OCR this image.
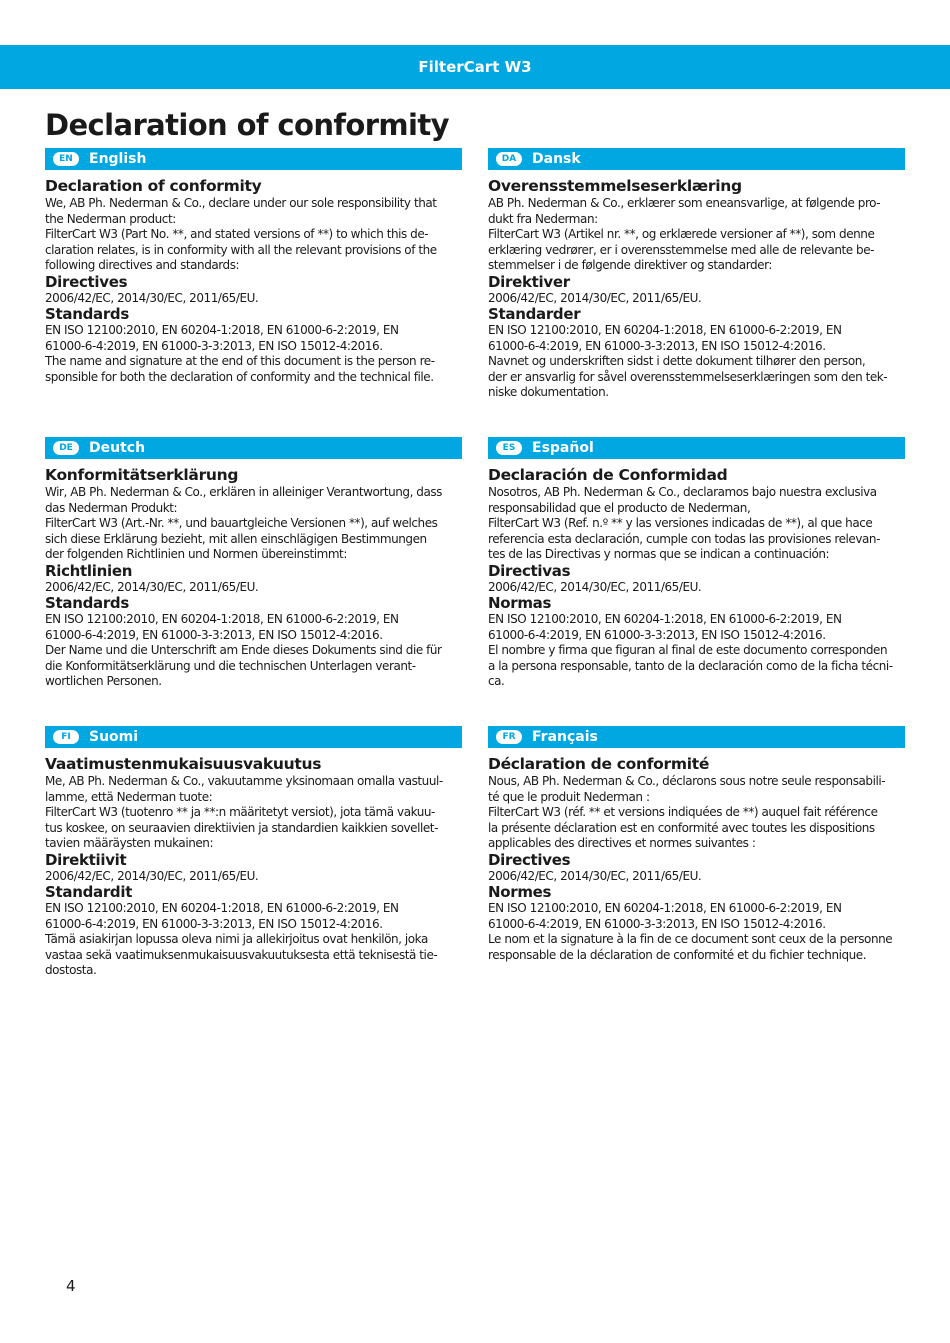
FilterCart W3
Declaration of conformity
EN	English
Declaration of conformity
We, AB Ph. Nederman & Co., declare under our sole responsibility that
the Nederman product:
FilterCart W3 (Part No. **, and stated versions of **) to which this de-
claration relates, is in conformity with all the relevant provisions of the
following directives and standards:
Directives
2006/42/EC, 2014/30/EC, 2011/65/EU.
Standards
EN ISO 12100:2010, EN 60204-1:2018, EN 61000-6-2:2019, EN
61000-6-4:2019, EN 61000-3-3:2013, EN ISO 15012-4:2016.
The name and signature at the end of this document is the person re-
sponsible for both the declaration of conformity and the technical file.
DA	Dansk
Overensstemmelseserklæring
AB Ph. Nederman & Co., erklærer som eneansvarlige, at følgende pro-
dukt fra Nederman:
FilterCart W3 (Artikel nr. **, og erklærede versioner af **), som denne
erklæring vedrører, er i overensstemmelse med alle de relevante be-
stemmelser i de følgende direktiver og standarder:
Direktiver
2006/42/EC, 2014/30/EC, 2011/65/EU.
Standarder
EN ISO 12100:2010, EN 60204-1:2018, EN 61000-6-2:2019, EN
61000-6-4:2019, EN 61000-3-3:2013, EN ISO 15012-4:2016.
Navnet og underskriften sidst i dette dokument tilhører den person,
der er ansvarlig for såvel overensstemmelseserklæringen som den tek-
niske dokumentation.
DE	Deutch
Konformitätserklärung
Wir, AB Ph. Nederman & Co., erklären in alleiniger Verantwortung, dass
das Nederman Produkt:
FilterCart W3 (Art.-Nr. **, und bauartgleiche Versionen **), auf welches
sich diese Erklärung bezieht, mit allen einschlägigen Bestimmungen
der folgenden Richtlinien und Normen übereinstimmt:
Richtlinien
2006/42/EC, 2014/30/EC, 2011/65/EU.
Standards
EN ISO 12100:2010, EN 60204-1:2018, EN 61000-6-2:2019, EN
61000-6-4:2019, EN 61000-3-3:2013, EN ISO 15012-4:2016.
Der Name und die Unterschrift am Ende dieses Dokuments sind die für
die Konformitätserklärung und die technischen Unterlagen verant-
wortlichen Personen.
ES	Español
Declaración de Conformidad
Nosotros, AB Ph. Nederman & Co., declaramos bajo nuestra exclusiva
responsabilidad que el producto de Nederman,
FilterCart W3 (Ref. n.º ** y las versiones indicadas de **), al que hace
referencia esta declaración, cumple con todas las provisiones relevan-
tes de las Directivas y normas que se indican a continuación:
Directivas
2006/42/EC, 2014/30/EC, 2011/65/EU.
Normas
EN ISO 12100:2010, EN 60204-1:2018, EN 61000-6-2:2019, EN
61000-6-4:2019, EN 61000-3-3:2013, EN ISO 15012-4:2016.
El nombre y firma que figuran al final de este documento corresponden
a la persona responsable, tanto de la declaración como de la ficha técni-
ca.
FI	Suomi
Vaatimustenmukaisuusvakuutus
Me, AB Ph. Nederman & Co., vakuutamme yksinomaan omalla vastuul-
lamme, että Nederman tuote:
FilterCart W3 (tuotenro ** ja **:n määritetyt versiot), jota tämä vakuu-
tus koskee, on seuraavien direktiivien ja standardien kaikkien sovellet-
tavien määräysten mukainen:
Direktiivit
2006/42/EC, 2014/30/EC, 2011/65/EU.
Standardit
EN ISO 12100:2010, EN 60204-1:2018, EN 61000-6-2:2019, EN
61000-6-4:2019, EN 61000-3-3:2013, EN ISO 15012-4:2016.
Tämä asiakirjan lopussa oleva nimi ja allekirjoitus ovat henkilön, joka
vastaa sekä vaatimuksenmukaisuusvakuutuksesta että teknisestä tie-
dostosta.
FR	Français
Déclaration de conformité
Nous, AB Ph. Nederman & Co., déclarons sous notre seule responsabili-
té que le produit Nederman :
FilterCart W3 (réf. ** et versions indiquées de **) auquel fait référence
la présente déclaration est en conformité avec toutes les dispositions
applicables des directives et normes suivantes :
Directives
2006/42/EC, 2014/30/EC, 2011/65/EU.
Normes
EN ISO 12100:2010, EN 60204-1:2018, EN 61000-6-2:2019, EN
61000-6-4:2019, EN 61000-3-3:2013, EN ISO 15012-4:2016.
Le nom et la signature à la fin de ce document sont ceux de la personne
responsable de la déclaration de conformité et du fichier technique.
4
